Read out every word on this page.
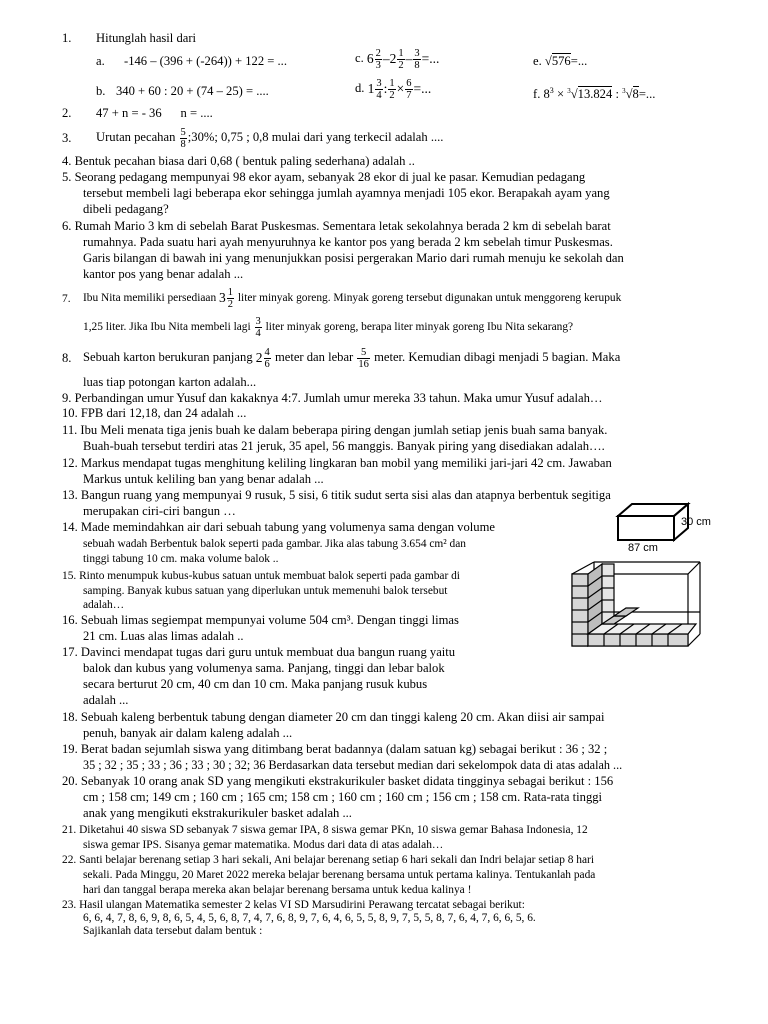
1. Hitunglah hasil dari
a. -146 – (396 + (-264)) + 122 = ...	c. $6 \frac{2}{3} -2 \frac{1}{2} - \frac{3}{8}$ =...	e. √576=...
b. 340 + 60 : 20 + (74 – 25) = ....	d. $1 \frac{3}{4}$ : $\frac{1}{2} \times \frac{6}{7}$ =...	f. $8^3 \times ^3√13.824$ : $^3$√8=...
2. 47 + n = - 36      n = ....
3. Urutan pecahan $\frac{5}{8}$ ;30%; 0,75 ; 0,8 mulai dari yang terkecil adalah ....
4. Bentuk pecahan biasa dari 0,68 ( bentuk paling sederhana) adalah ..
5. Seorang pedagang mempunyai 98 ekor ayam, sebanyak 28 ekor di jual ke pasar. Kemudian pedagang
tersebut membeli lagi beberapa ekor sehingga jumlah ayamnya menjadi 105 ekor. Berapakah ayam yang
dibeli pedagang?
6. Rumah Mario 3 km di sebelah Barat Puskesmas. Sementara letak sekolahnya berada 2 km di sebelah barat
rumahnya. Pada suatu hari ayah menyuruhnya ke kantor pos yang berada 2 km sebelah timur Puskesmas.
Garis bilangan di bawah ini yang menunjukkan posisi pergerakan Mario dari rumah menuju ke sekolah dan
kantor pos yang benar adalah ...
7. Ibu Nita memiliki persediaan $3 \frac{1}{2}$ liter minyak goreng. Minyak goreng tersebut digunakan untuk menggoreng kerupuk
1,25 liter. Jika Ibu Nita membeli lagi $\frac{3}{4}$ liter minyak goreng, berapa liter minyak goreng Ibu Nita sekarang?
8. Sebuah karton berukuran panjang $2 \frac{4}{6}$ meter dan lebar $\frac{5}{16}$ meter. Kemudian dibagi menjadi 5 bagian. Maka
luas tiap potongan karton adalah...
9. Perbandingan umur Yusuf dan kakaknya 4:7. Jumlah umur mereka 33 tahun. Maka umur Yusuf adalah…
10. FPB dari 12,18, dan 24 adalah ...
11. Ibu Meli menata tiga jenis buah ke dalam beberapa piring dengan jumlah setiap jenis buah sama banyak.
Buah-buah tersebut terdiri atas 21 jeruk, 35 apel, 56 manggis. Banyak piring yang disediakan adalah….
12. Markus mendapat tugas menghitung keliling lingkaran ban mobil yang memiliki jari-jari 42 cm. Jawaban
Markus untuk keliling ban yang benar adalah ...
13. Bangun ruang yang mempunyai 9 rusuk, 5 sisi, 6 titik sudut serta sisi alas dan atapnya berbentuk segitiga
merupakan ciri-ciri bangun …
14. Made memindahkan air dari sebuah tabung yang volumenya sama dengan volume
sebuah wadah Berbentuk balok seperti pada gambar. Jika alas tabung 3.654 cm² dan
tinggi tabung 10 cm. maka volume balok ..
30 cm
87 cm
15. Rinto menumpuk kubus-kubus satuan untuk membuat balok seperti pada gambar di
samping. Banyak kubus satuan yang diperlukan untuk memenuhi balok tersebut
adalah…
16. Sebuah limas segiempat mempunyai volume 504 cm³. Dengan tinggi limas
21 cm. Luas alas limas adalah ..
17. Davinci mendapat tugas dari guru untuk membuat dua bangun ruang yaitu
balok dan kubus yang volumenya sama. Panjang, tinggi dan lebar balok
secara berturut 20 cm, 40 cm dan 10 cm. Maka panjang rusuk kubus
adalah ...
18. Sebuah kaleng berbentuk tabung dengan diameter 20 cm dan tinggi kaleng 20 cm. Akan diisi air sampai
penuh, banyak air dalam kaleng adalah ...
19. Berat badan sejumlah siswa yang ditimbang berat badannya (dalam satuan kg) sebagai berikut : 36 ; 32 ;
35 ; 32 ; 35 ; 33 ; 36 ; 33 ; 30 ; 32; 36 Berdasarkan data tersebut median dari sekelompok data di atas adalah ...
20. Sebanyak 10 orang anak SD yang mengikuti ekstrakurikuler basket didata tingginya sebagai berikut : 156
cm ; 158 cm; 149 cm ; 160 cm ; 165 cm; 158 cm ; 160 cm ; 160 cm ; 156 cm ; 158 cm. Rata-rata tinggi
anak yang mengikuti ekstrakurikuler basket adalah ...
21. Diketahui 40 siswa SD sebanyak 7 siswa gemar IPA, 8 siswa gemar PKn, 10 siswa gemar Bahasa Indonesia, 12
siswa gemar IPS. Sisanya gemar matematika. Modus dari data di atas adalah…
22. Santi belajar berenang setiap 3 hari sekali, Ani belajar berenang setiap 6 hari sekali dan Indri belajar setiap 8 hari
sekali. Pada Minggu, 20 Maret 2022 mereka belajar berenang bersama untuk pertama kalinya. Tentukanlah pada
hari dan tanggal berapa mereka akan belajar berenang bersama untuk kedua kalinya !
23. Hasil ulangan Matematika semester 2 kelas VI SD Marsudirini Perawang tercatat sebagai berikut:
6, 6, 4, 7, 8, 6, 9, 8, 6, 5, 4, 5, 6, 8, 7, 4, 7, 6, 8, 9, 7, 6, 4, 6, 5, 5, 8, 9, 7, 5, 5, 8, 7, 6, 4, 7, 6, 6, 5, 6.
Sajikanlah data tersebut dalam bentuk :
